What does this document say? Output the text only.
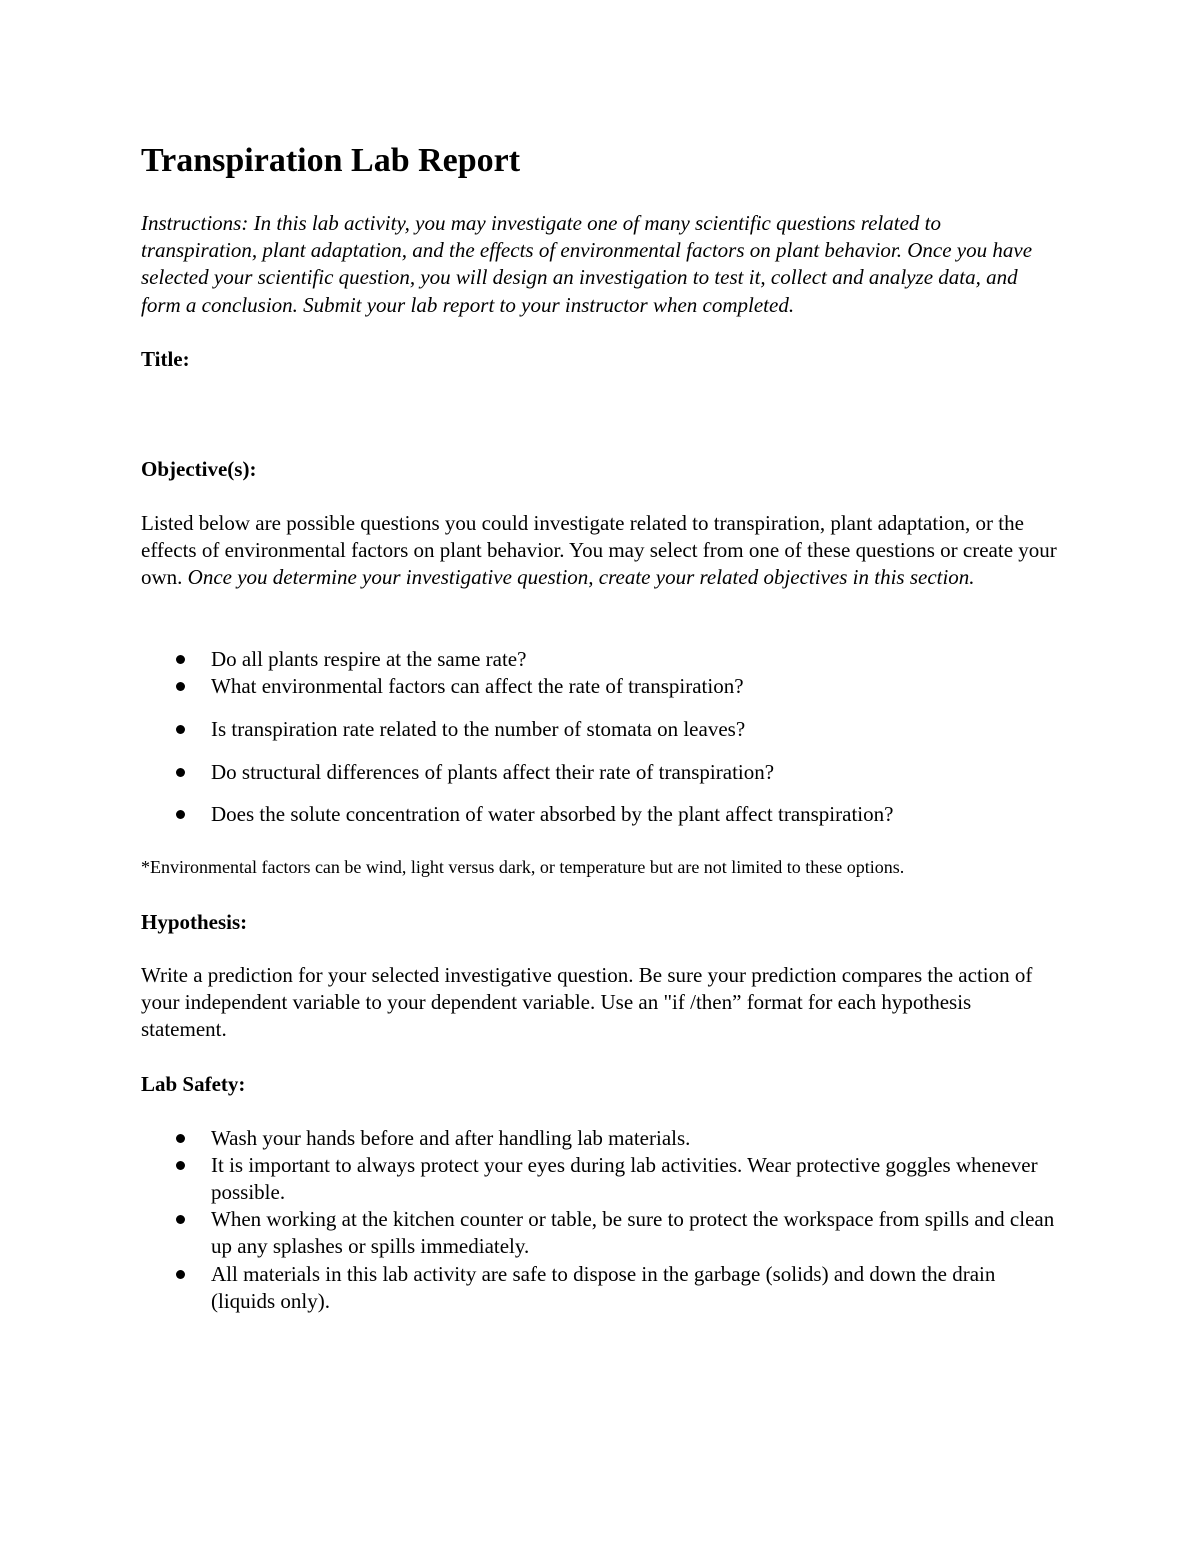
Transpiration Lab Report

Instructions: In this lab activity, you may investigate one of many scientific questions related to transpiration, plant adaptation, and the effects of environmental factors on plant behavior. Once you have selected your scientific question, you will design an investigation to test it, collect and analyze data, and form a conclusion. Submit your lab report to your instructor when completed.

Title:
Objective(s):

Listed below are possible questions you could investigate related to transpiration, plant adaptation, or the effects of environmental factors on plant behavior. You may select from one of these questions or create your own. Once you determine your investigative question, create your related objectives in this section.

Do all plants respire at the same rate?
What environmental factors can affect the rate of transpiration?
Is transpiration rate related to the number of stomata on leaves?
Do structural differences of plants affect their rate of transpiration?
Does the solute concentration of water absorbed by the plant affect transpiration?

*Environmental factors can be wind, light versus dark, or temperature but are not limited to these options.

Hypothesis:

Write a prediction for your selected investigative question. Be sure your prediction compares the action of your independent variable to your dependent variable. Use an "if /then” format for each hypothesis statement.

Lab Safety:
Wash your hands before and after handling lab materials.
It is important to always protect your eyes during lab activities. Wear protective goggles whenever possible.
When working at the kitchen counter or table, be sure to protect the workspace from spills and clean up any splashes or spills immediately.
All materials in this lab activity are safe to dispose in the garbage (solids) and down the drain (liquids only).
